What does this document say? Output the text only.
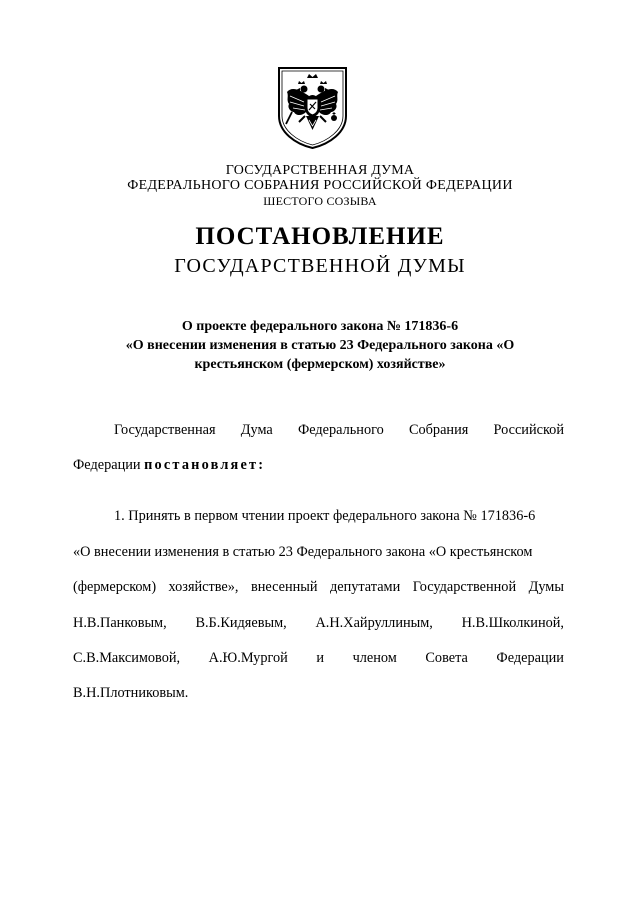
ГОСУДАРСТВЕННАЯ ДУМА
ФЕДЕРАЛЬНОГО СОБРАНИЯ РОССИЙСКОЙ ФЕДЕРАЦИИ
ШЕСТОГО СОЗЫВА
ПОСТАНОВЛЕНИЕ
ГОСУДАРСТВЕННОЙ ДУМЫ
О проекте федерального закона № 171836-6
«О внесении изменения в статью 23 Федерального закона «О
крестьянском (фермерском) хозяйстве»
Государственная Дума Федерального Собрания Российской
Федерации постановляет:
1. Принять в первом чтении проект федерального закона № 171836-6
«О внесении изменения в статью 23 Федерального закона «О крестьянском
(фермерском) хозяйстве», внесенный депутатами Государственной Думы
Н.В.Панковым, В.Б.Кидяевым, А.Н.Хайруллиным, Н.В.Школкиной,
С.В.Максимовой, А.Ю.Мургой и членом Совета Федерации
В.Н.Плотниковым.
